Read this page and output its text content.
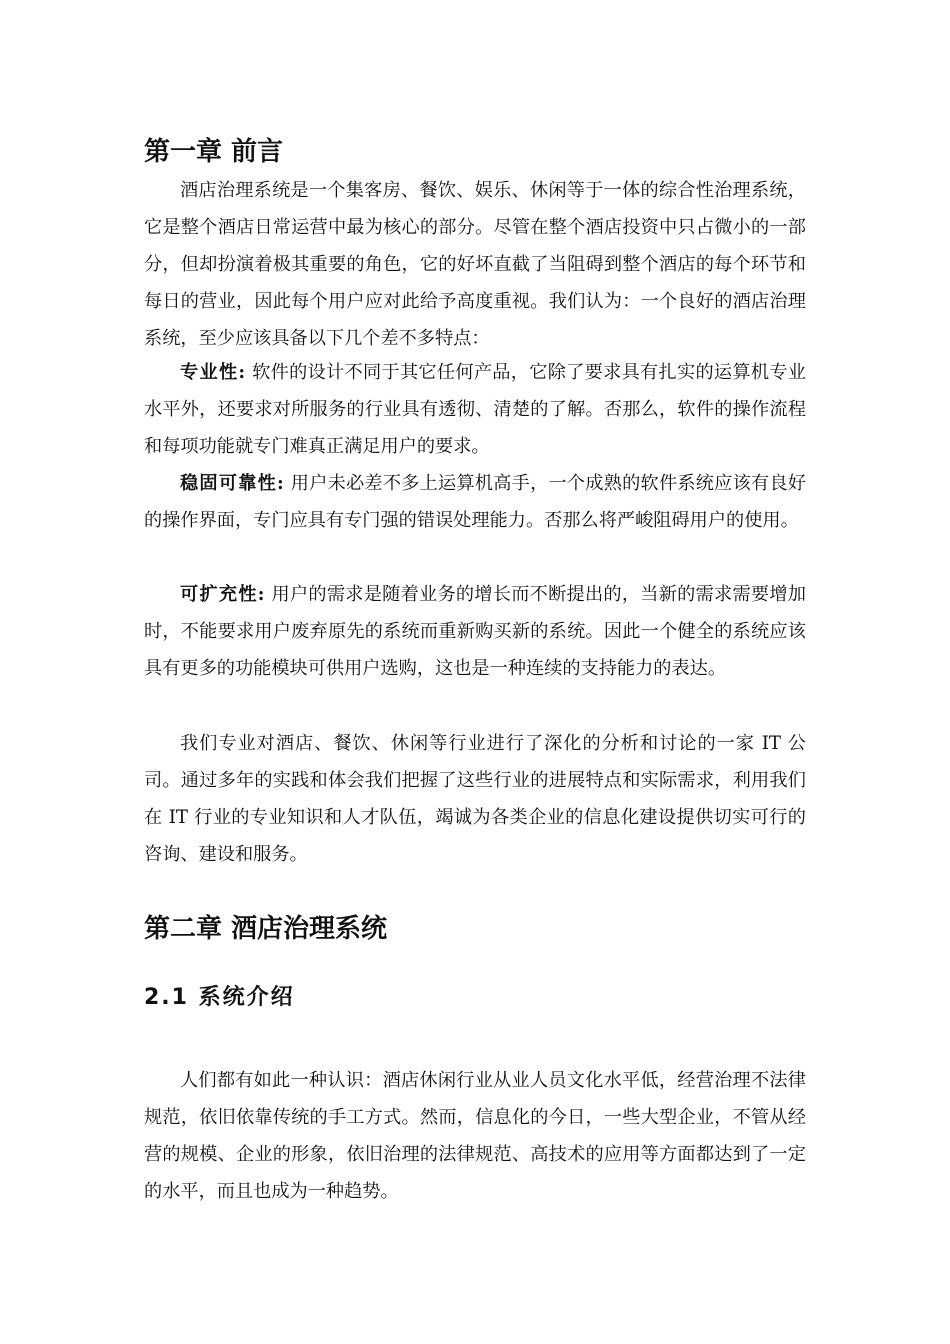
第一章 前言

酒店治理系统是一个集客房、餐饮、娱乐、休闲等于一体的综合性治理系统，它是整个酒店日常运营中最为核心的部分。尽管在整个酒店投资中只占微小的一部分，但却扮演着极其重要的角色，它的好坏直截了当阻碍到整个酒店的每个环节和每日的营业，因此每个用户应对此给予高度重视。我们认为：一个良好的酒店治理系统，至少应该具备以下几个差不多特点：

专业性: 软件的设计不同于其它任何产品，它除了要求具有扎实的运算机专业水平外，还要求对所服务的行业具有透彻、清楚的了解。否那么，软件的操作流程和每项功能就专门难真正满足用户的要求。

稳固可靠性: 用户未必差不多上运算机高手，一个成熟的软件系统应该有良好的操作界面，专门应具有专门强的错误处理能力。否那么将严峻阻碍用户的使用。

可扩充性: 用户的需求是随着业务的增长而不断提出的，当新的需求需要增加时，不能要求用户废弃原先的系统而重新购买新的系统。因此一个健全的系统应该具有更多的功能模块可供用户选购，这也是一种连续的支持能力的表达。

我们专业对酒店、餐饮、休闲等行业进行了深化的分析和讨论的一家 IT 公司。通过多年的实践和体会我们把握了这些行业的进展特点和实际需求，利用我们在 IT 行业的专业知识和人才队伍，竭诚为各类企业的信息化建设提供切实可行的咨询、建设和服务。

第二章 酒店治理系统
2.1 系统介绍

人们都有如此一种认识：酒店休闲行业从业人员文化水平低，经营治理不法律规范，依旧依靠传统的手工方式。然而，信息化的今日，一些大型企业，不管从经营的规模、企业的形象，依旧治理的法律规范、高技术的应用等方面都达到了一定的水平，而且也成为一种趋势。
